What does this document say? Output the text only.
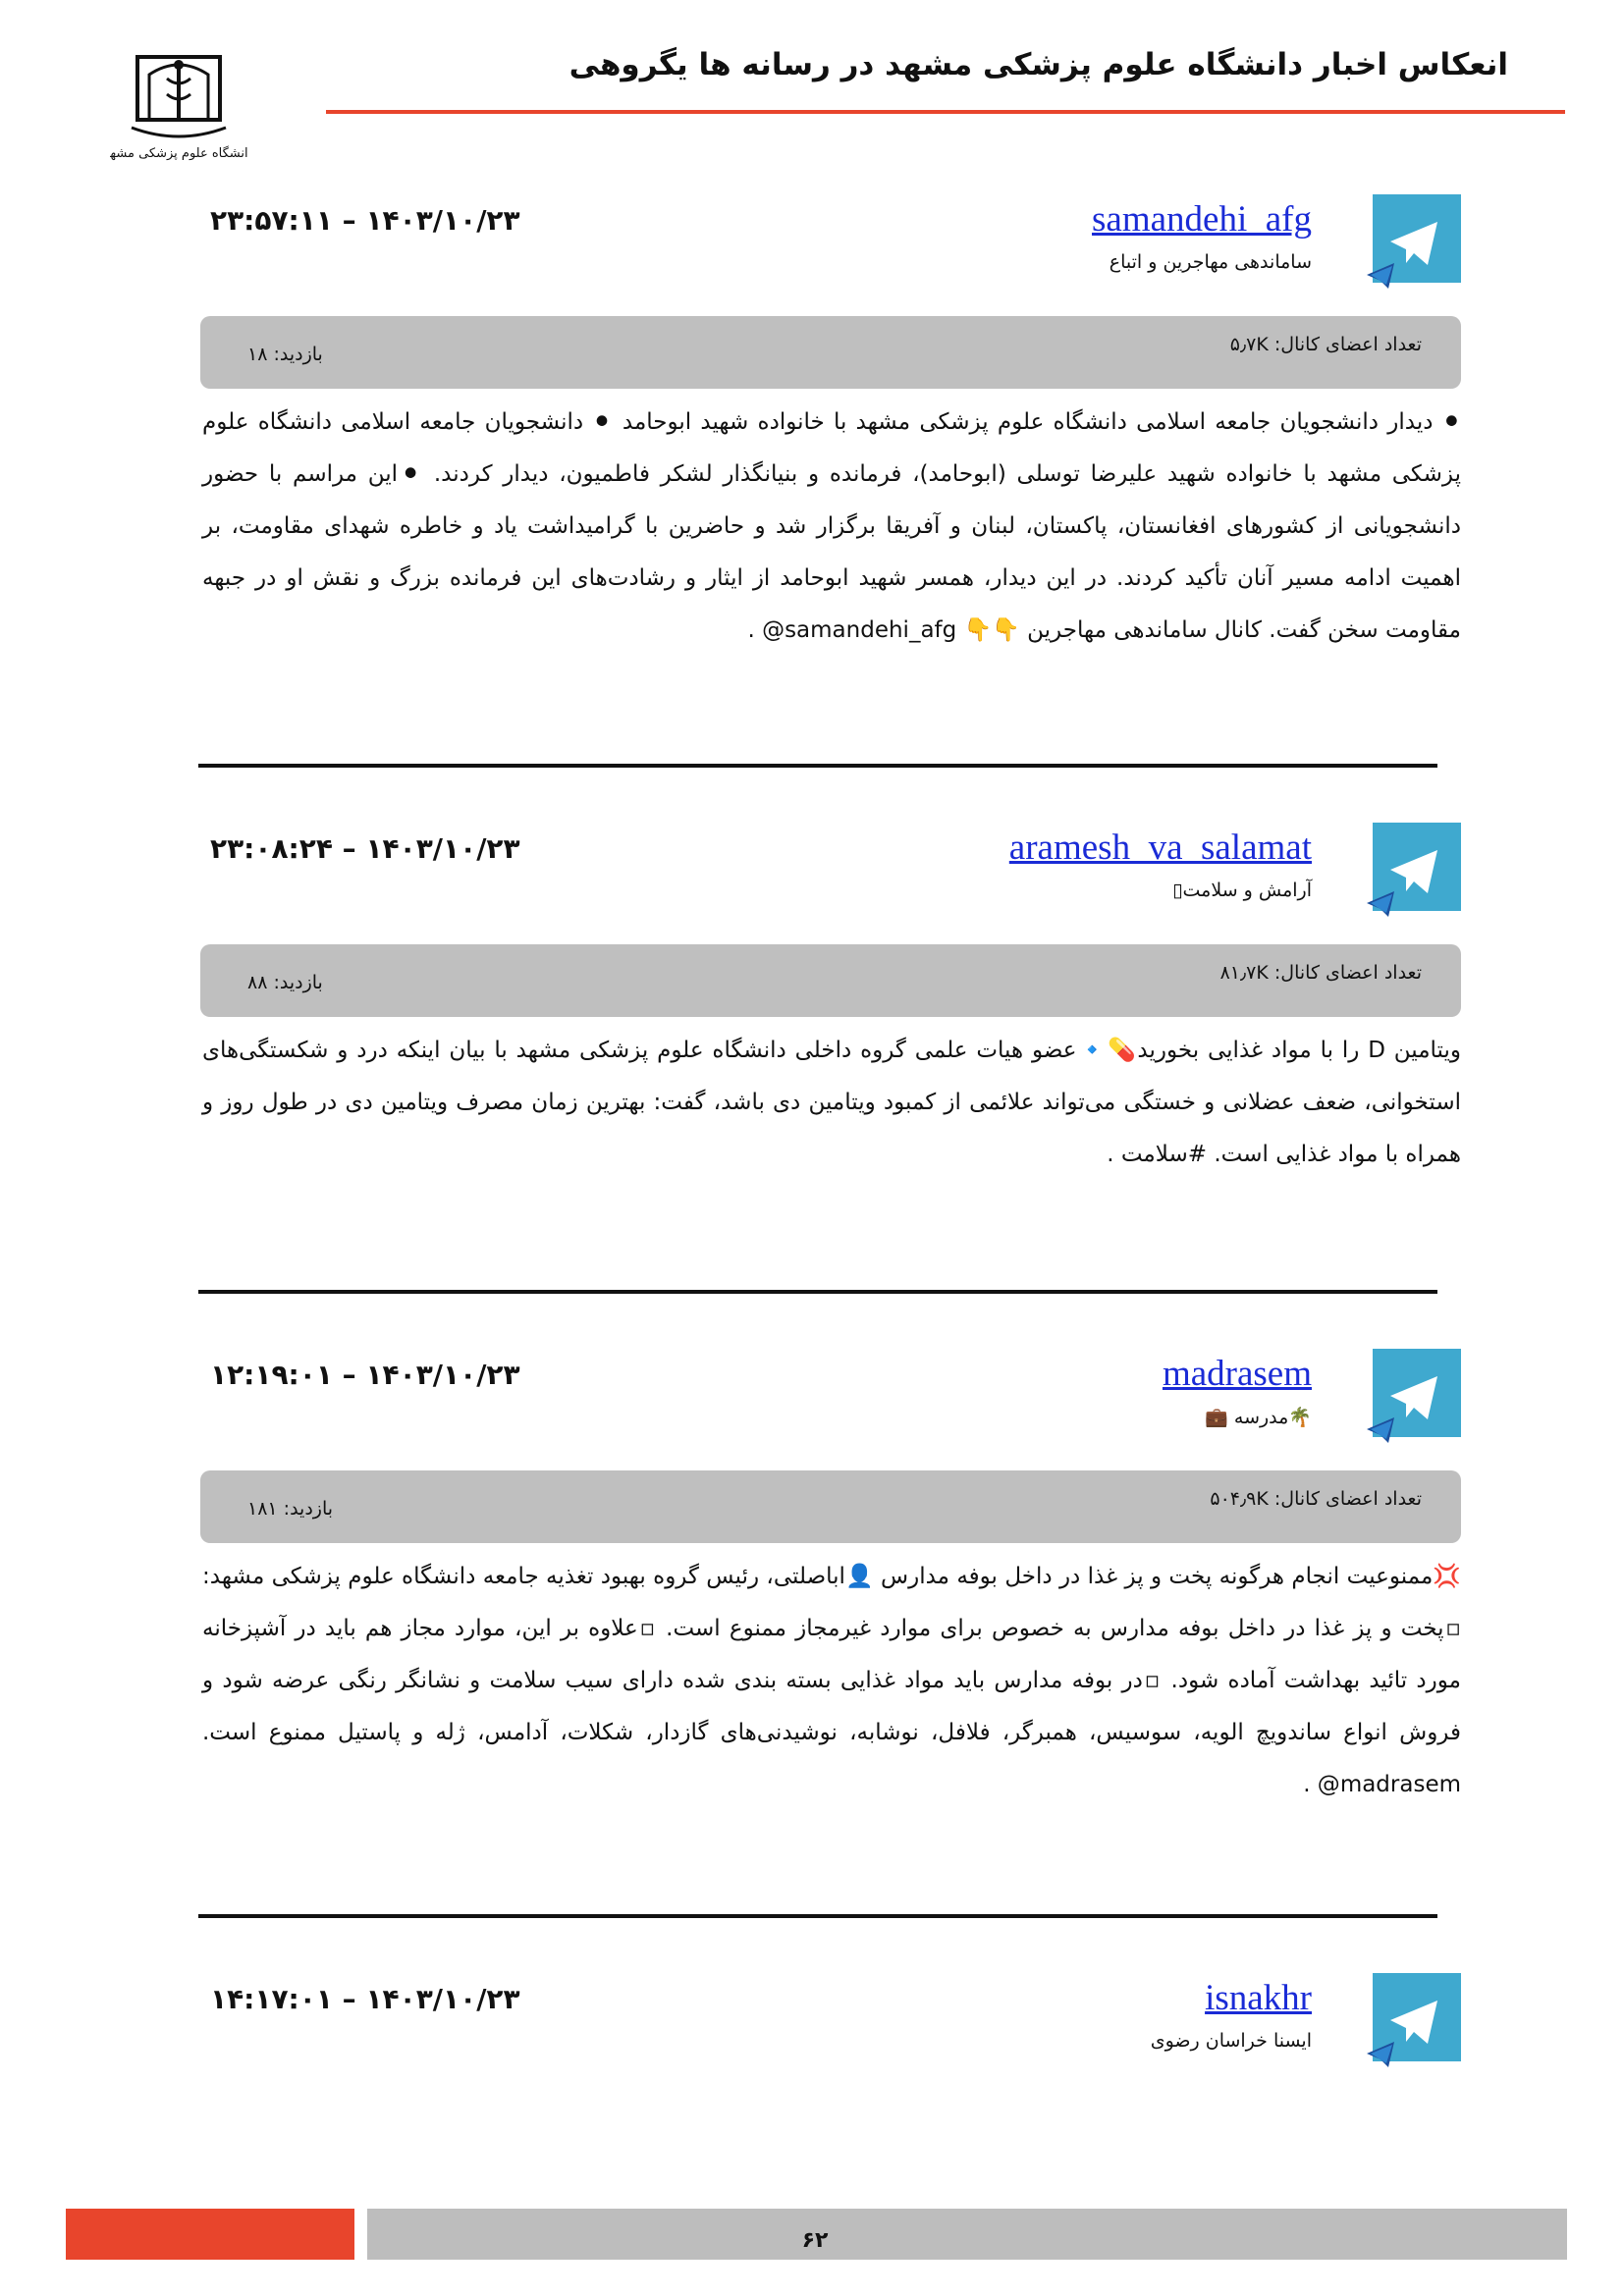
دانشگاه علوم پزشکی مشهد
انعکاس اخبار دانشگاه علوم پزشکی مشهد در رسانه ها یگروهی
samandehi_afg
ساماندهی مهاجرین و اتباع
۱۴۰۳/۱۰/۲۳ – ۲۳:۵۷:۱۱
تعداد اعضای کانال: ۵٫۷K
بازدید: ۱۸

⚫ دیدار دانشجویان جامعه اسلامی دانشگاه علوم پزشکی مشهد با خانواده شهید ابوحامد ⚫ دانشجویان جامعه اسلامی دانشگاه علوم پزشکی مشهد با خانواده شهید علیرضا توسلی (ابوحامد)، فرمانده و بنیانگذار لشکر فاطمیون، دیدار کردند. ⚫این مراسم با حضور دانشجویانی از کشورهای افغانستان، پاکستان، لبنان و آفریقا برگزار شد و حاضرین با گرامیداشت یاد و خاطره شهدای مقاومت، بر اهمیت ادامه مسیر آنان تأکید کردند. در این دیدار، همسر شهید ابوحامد از ایثار و رشادت‌های این فرمانده بزرگ و نقش او در جبهه مقاومت سخن گفت. کانال ساماندهی مهاجرین 👇👇 samandehi_afg@ .

aramesh_va_salamat
آرامش و سلامت▯
۱۴۰۳/۱۰/۲۳ – ۲۳:۰۸:۲۴
تعداد اعضای کانال: ۸۱٫۷K
بازدید: ۸۸

ویتامین D را با مواد غذایی بخورید💊🔹عضو هیات علمی گروه داخلی دانشگاه علوم پزشکی مشهد با بیان اینکه درد و شکستگی‌های استخوانی، ضعف عضلانی و خستگی می‌تواند علائمی از کمبود ویتامین دی باشد، گفت: بهترین زمان مصرف ویتامین دی در طول روز و همراه با مواد غذایی است. #سلامت .

madrasem
🌴مدرسه 💼
۱۴۰۳/۱۰/۲۳ – ۱۲:۱۹:۰۱
تعداد اعضای کانال: ۵۰۴٫۹K
بازدید: ۱۸۱

💢ممنوعیت انجام هرگونه پخت و پز غذا در داخل بوفه مدارس 👤اباصلتی، رئیس گروه بهبود تغذیه جامعه دانشگاه علوم پزشکی مشهد: ▫پخت و پز غذا در داخل بوفه مدارس به خصوص برای موارد غیرمجاز ممنوع است. ▫علاوه بر این، موارد مجاز هم باید در آشپزخانه مورد تائید بهداشت آماده شود. ▫در بوفه مدارس باید مواد غذایی بسته بندی شده دارای سیب سلامت و نشانگر رنگی عرضه شود و فروش انواع ساندویچ الویه، سوسیس، همبرگر، فلافل، نوشابه، نوشیدنی‌های گازدار، شکلات، آدامس، ژله و پاستیل ممنوع است. madrasem@ .

isnakhr
ایسنا خراسان رضوی
۱۴۰۳/۱۰/۲۳ – ۱۴:۱۷:۰۱
۶۲
